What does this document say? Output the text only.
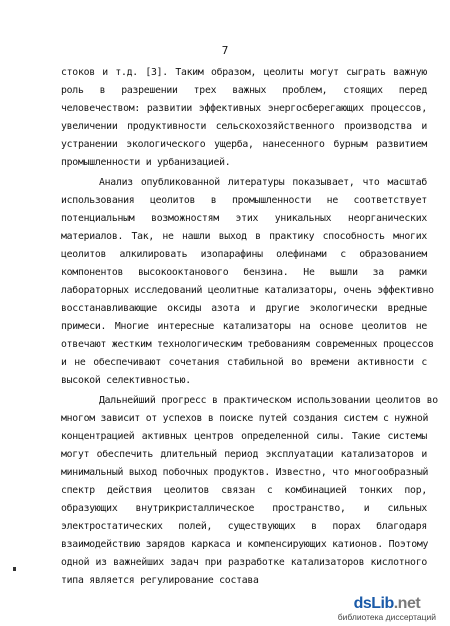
7
стоков и т.д. [3]. Таким образом, цеолиты могут сыграть важную
роль в разрешении трех важных проблем, стоящих перед
человечеством: развитии эффективных энергосберегающих процессов,
увеличении продуктивности сельскохозяйственного производства и
устранении экологического ущерба, нанесенного бурным развитием
промышленности и урбанизацией.
Анализ опубликованной литературы показывает, что масштаб
использования цеолитов в промышленности не соответствует
потенциальным возможностям этих уникальных неорганических
материалов. Так, не нашли выход в практику способность многих
цеолитов алкилировать изопарафины олефинами с образованием
компонентов высокооктанового бензина. Не вышли за рамки
лабораторных исследований цеолитные катализаторы, очень эффективно
восстанавливающие оксиды азота и другие экологически вредные
примеси. Многие интересные катализаторы на основе цеолитов не
отвечают жестким технологическим требованиям современных процессов
и не обеспечивают сочетания стабильной во времени активности с
высокой селективностью.
Дальнейший прогресс в практическом использовании цеолитов во
многом зависит от успехов в поиске путей создания систем с нужной
концентрацией активных центров определенной силы. Такие системы
могут обеспечить длительный период эксплуатации катализаторов и
минимальный выход побочных продуктов. Известно, что многообразный
спектр действия цеолитов связан с комбинацией тонких пор,
образующих внутрикристаллическое пространство, и сильных
электростатических полей, существующих в порах благодаря
взаимодействию зарядов каркаса и компенсирующих катионов. Поэтому
одной из важнейших задач при разработке катализаторов кислотного
типа является регулирование состава
dsLib.net
библиотека диссертаций
